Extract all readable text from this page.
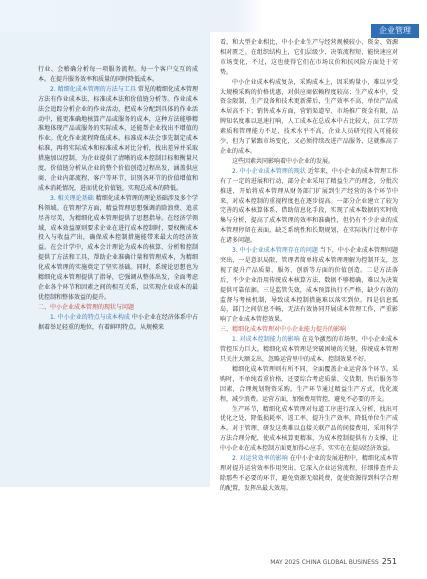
企业管理

行业、会稽确分析每一项服务流程。每一个客户交互的成本。在提升服务效率和质量的同时降低成本。

2. 精细化成本管理的方法与工具 常见的精细化成本管理方法有作业成本法、标准成本法和价值链分析等。作业成本法会追踪分析企业的作业活动，把成本分配到具体的作业活动中，能更准确地核算产品或服务的成本，这种方法能够精准地体现产品或服务的实际成本，还能帮企业找出不增值的作业。优化作业流程降低成本。标准成本法会事先制定成本标准，再将实际成本和标准成本对比分析，找出差异并采取措施加以控制，为企业提供了清晰的成本控制目标和衡量尺度。价值链分析从企业的整个价值创造过程出发，涵盖供应商、企业内部流程、客户等环节，识别各环节的价值增值和成本消耗情况，进而优化价值链，实现总成本的降低。

3. 相关理论基础 精细化成本管理的理论基础涉及多个学科领域。在管理学方面，精益管理思想强调消除浪费、追求尽善尽美，为精细化成本管理提供了思想指导。在经济学领域，成本效益原则要求企业在进行成本控制时，要权衡成本投入与收益产出，确保成本控制措施能带来最大的经济效益。在会计学中，成本会计理论为成本的核算、分析和控制提供了方法和工具，帮助企业准确计量和管理成本，为精细化成本管理的实施奠定了坚实基础。同时，系统论思想也为精细化成本管理提供了指导，它强调从整体出发，全面考虑企业各个环节和因素之间的相互关系，以实现企业成本的最优控制和整体效益的提升。

二、中小企业成本管理的现状与问题

1. 中小企业的特点与成本构成 中小企业在经济体系中占据着举足轻重的地位，有着鲜明特点。从规模来

看，和大型企业相比，中小企业生产与经营规模较小、资金、资源相对匮乏。在组织结构上，它们层级少、决策流程短，能快速应对市场变化，不过，这也使得它们在市场议价和抗风险方面处于劣势。

中小企业成本构成复杂，采购成本上，因采购量小，难以享受大规模采购的价格优惠，对供应商依赖程度较高；生产成本中，受资金限制，生产设备和技术更新滞后，生产效率不高，单位产品成本居高不下；销售成本方面，营销渠道窄、市场推广资金有限，品牌知名度难以迅速打响，人工成本在总成本中占比较大，员工学历素质和管理能力不足、技术水平不高，企业人员研究投入可能较少，但为了紧跟市场变化，又必须持续改进产品服务，这就推高了企业的成本。

这些因素共同影响着中小企业的发展。

2. 中小企业成本管理的现状 近年来，中小企业的成本管理工作有了一定的进展和行动，部分企业采用了精益生产的理念，分批次推进，开始将成本管理从财务部门扩展到生产经营的各个环节中来，对成本控制的重视程度也在逐步提高。一部分企业建立了较为完善的成本核算体系，借助信息化手段，实现了成本数据的实时收集与分析，提高了成本管理的效率和准确性，但仍有不少企业的成本管理停留在表面，缺乏系统性和长期规划，在实际执行过程中存在诸多问题。

3. 中小企业成本管理存在的问题 当下，中小企业成本管理问题突出，一是意识局限，管理者简单将成本管理理解为控制开支，忽视了提升产品质量、服务、创新等方面的价值创造。二是方法落后，不少企业沿用传统成本核算方法，数据不够精确，难以为决策提供可靠依据。三是监管失效，成本预算执行不严格，缺少有效的监督与考核机制，导致成本控制措施难以落实到位。四是信息孤岛，部门之间信息不畅，无法有效协同开展成本管理工作，严重影响了企业成本管控效果。

三、精细化成本管理对中小企业能力提升的影响

1. 对成本控制能力的影响 在竞争激烈的市场里，中小企业成本管控压力巨大。精细化成本管理是突破困境的关键。传统成本管理只关注大额支出，忽略运营里中的成本。控制效果不好。

精细化成本管理则有所不同，全面覆盖企业运营各个环节。采购时，不单纯看重价格，还要综合考虑质量、交货期、售后服务等因素，合理规划物资采购。生产环节通过精益生产方式，优化流程，减少浪费。运营方面，加强费用管控，避免不必要的开支。

生产环节，精细化成本管理对每道工序进行深入分析，找出可优化之处，降低损耗率、返工率，提升生产效率，降低单位生产成本。对于管理、研发这类难以直接关联产品的间接费用，采用科学方法合理分配，使成本核算更精准，为成本控制提供有力支撑，让中小企业在成本控制方面更加得心应手，实实在在提高经济效益。

2. 对运营效率的影响 在中小企业的发展进程中，精细化成本管理对提升运营效率作用突出。它深入企业运营流程，仔细排查并去除那些不必要的环节，避免资源无端耗费，促使资源得到科学合理的配置，发挥出最大效用。

MAY 2025 CHINA GLOBAL BUSINESS 251
